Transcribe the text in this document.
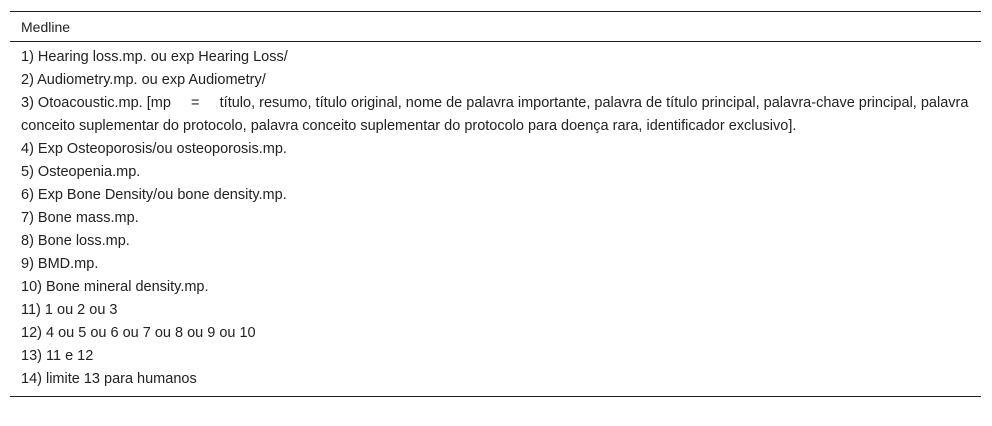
Medline

1) Hearing loss.mp. ou exp Hearing Loss/

2) Audiometry.mp. ou exp Audiometry/

3) Otoacoustic.mp. [mp     =     título, resumo, título original, nome de palavra importante, palavra de título principal, palavra-chave principal, palavra conceito suplementar do protocolo, palavra conceito suplementar do protocolo para doença rara, identificador exclusivo].

4) Exp Osteoporosis/ou osteoporosis.mp.

5) Osteopenia.mp.

6) Exp Bone Density/ou bone density.mp.

7) Bone mass.mp.

8) Bone loss.mp.

9) BMD.mp.

10) Bone mineral density.mp.

11) 1 ou 2 ou 3

12) 4 ou 5 ou 6 ou 7 ou 8 ou 9 ou 10

13) 11 e 12

14) limite 13 para humanos
